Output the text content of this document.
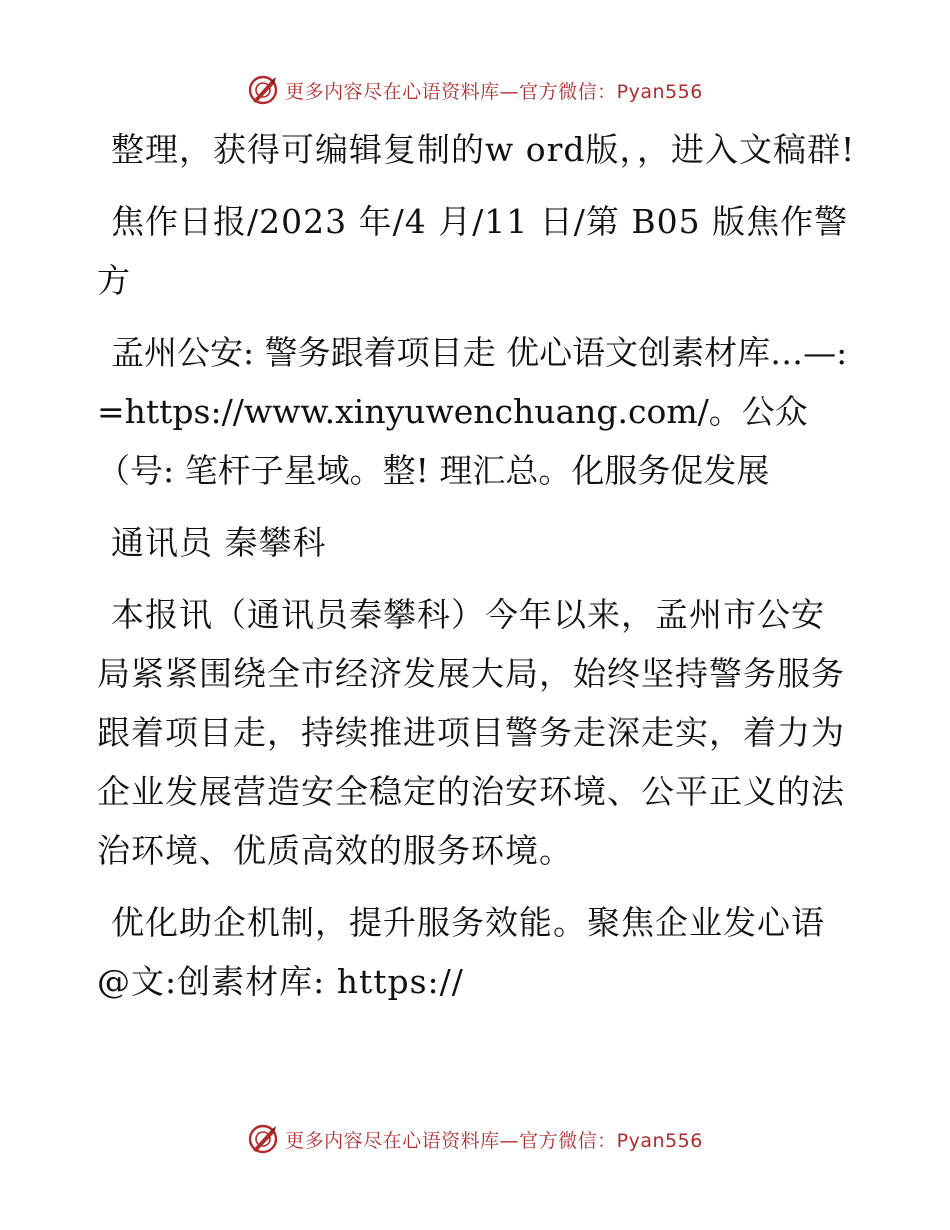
更多内容尽在心语资料库—官方微信：Pyan556

整理，获得可编辑复制的w ord版，，进入文稿群!

焦作日报/2023 年/4 月/11 日/第 B05 版焦作警方

孟州公安: 警务跟着项目走 优心语文创素材库…—: =https://www.xinyuwenchuang.com/。公众（号: 笔杆子星域。整! 理汇总。化服务促发展

通讯员 秦攀科

本报讯（通讯员秦攀科）今年以来，孟州市公安局紧紧围绕全市经济发展大局，始终坚持警务服务跟着项目走，持续推进项目警务走深走实，着力为企业发展营造安全稳定的治安环境、公平正义的法治环境、优质高效的服务环境。

优化助企机制，提升服务效能。聚焦企业发心语@文:创素材库: https://

更多内容尽在心语资料库—官方微信：Pyan556
